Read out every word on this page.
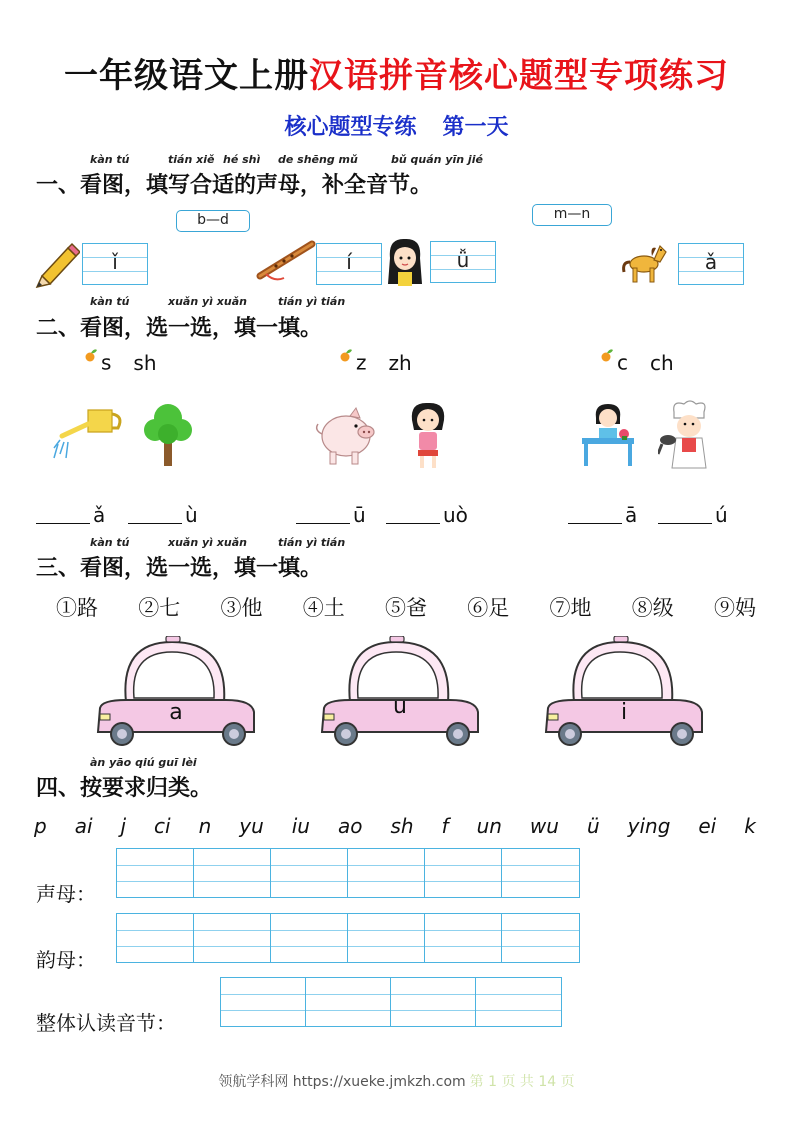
一年级语文上册汉语拼音核心题型专项练习
核心题型专练 第一天
kàn tú	tián xiě hé shì de shēng mǔ	bǔ quán yīn jié
一、看图，填写合适的声母，补全音节。
b—d	m—n
ǐ	í	ǚ	ǎ
kàn tú	xuǎn yì xuǎn	tián yì tián
二、看图，选一选，填一填。
s sh	z zh	c ch
ǎ	ù	ū	uò	ā	ú
kàn tú	xuǎn yì xuǎn	tián yì tián
三、看图，选一选，填一填。
①路 ②七 ③他 ④土 ⑤爸 ⑥足 ⑦地 ⑧级 ⑨妈
a	u	i
àn yāo qiú guī lèi
四、按要求归类。
p ai j ci n yu iu ao sh f un wu ü ying ei k
声母：
韵母：
整体认读音节：
领航学科网 https://xueke.jmkzh.com 第 1 页 共 14 页
